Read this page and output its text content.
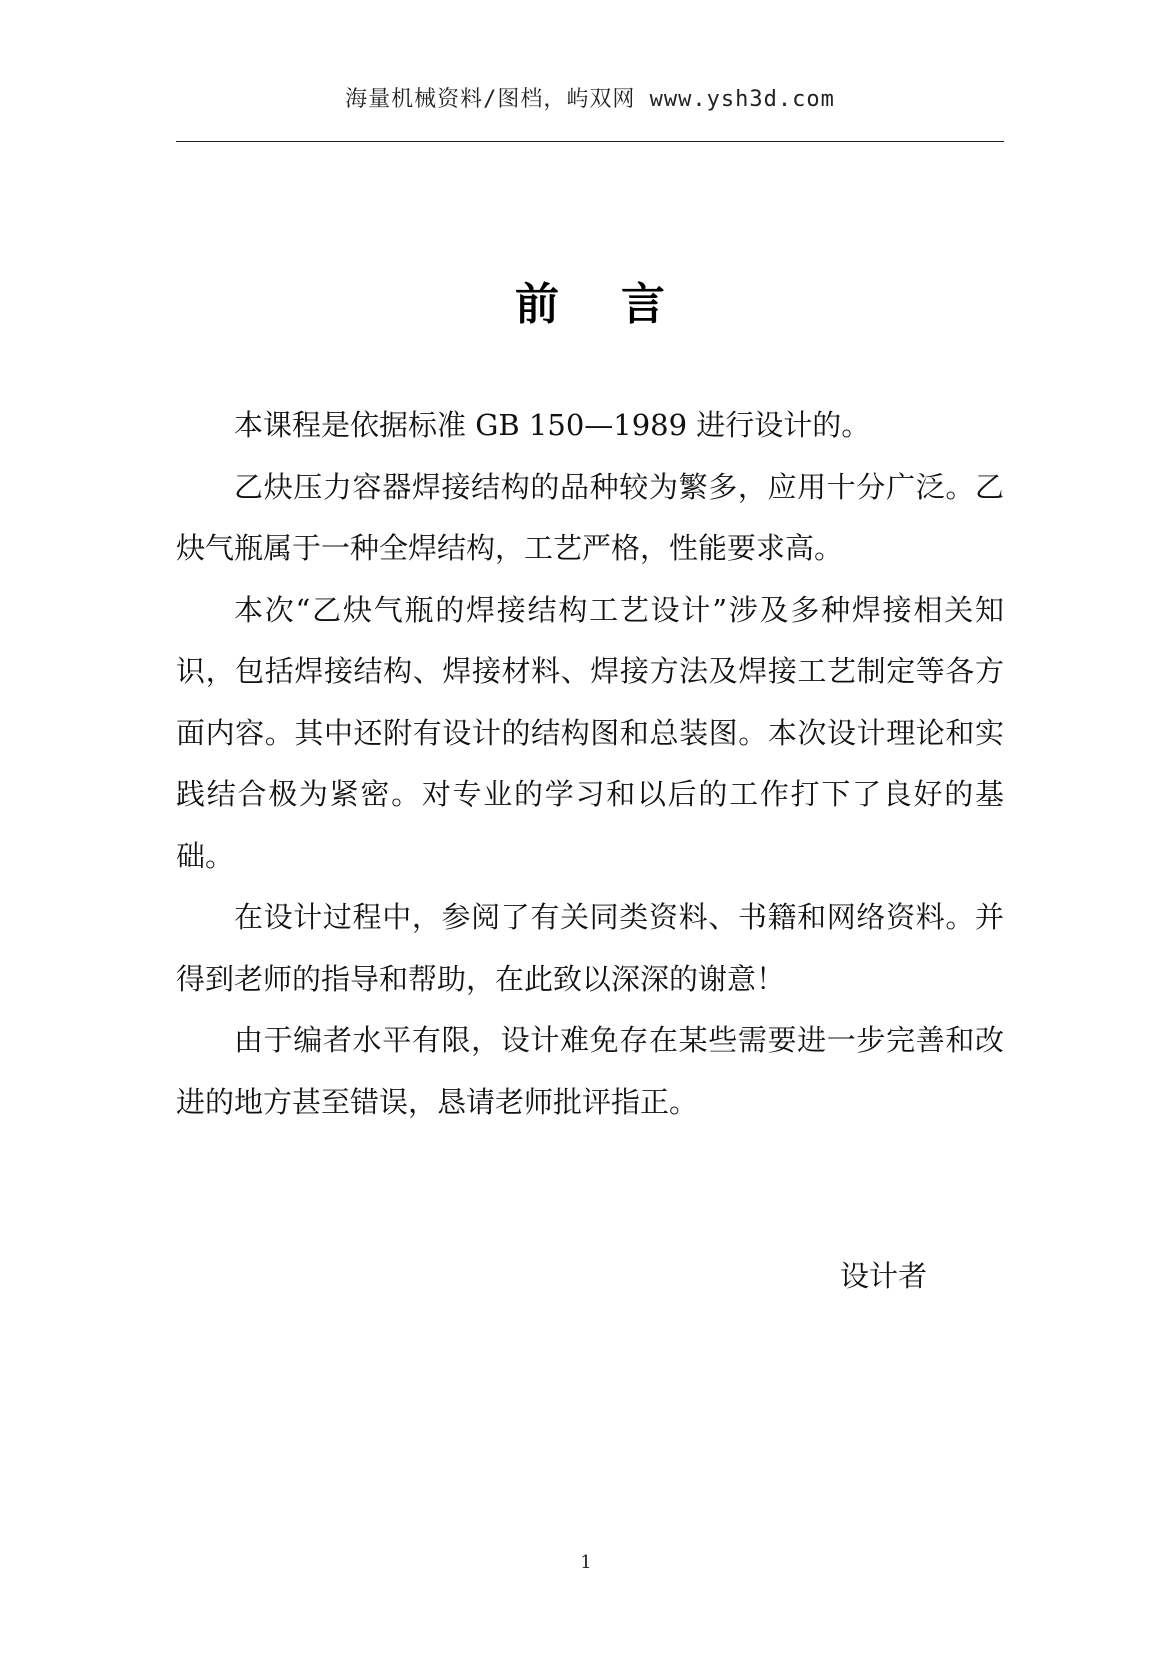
海量机械资料/图档，屿双网 www.ysh3d.com
前言

本课程是依据标准 GB 150—1989 进行设计的。

乙炔压力容器焊接结构的品种较为繁多，应用十分广泛。乙炔气瓶属于一种全焊结构，工艺严格，性能要求高。

本次“乙炔气瓶的焊接结构工艺设计”涉及多种焊接相关知识，包括焊接结构、焊接材料、焊接方法及焊接工艺制定等各方面内容。其中还附有设计的结构图和总装图。本次设计理论和实践结合极为紧密。对专业的学习和以后的工作打下了良好的基础。

在设计过程中，参阅了有关同类资料、书籍和网络资料。并得到老师的指导和帮助，在此致以深深的谢意！

由于编者水平有限，设计难免存在某些需要进一步完善和改进的地方甚至错误，恳请老师批评指正。

设计者
1
